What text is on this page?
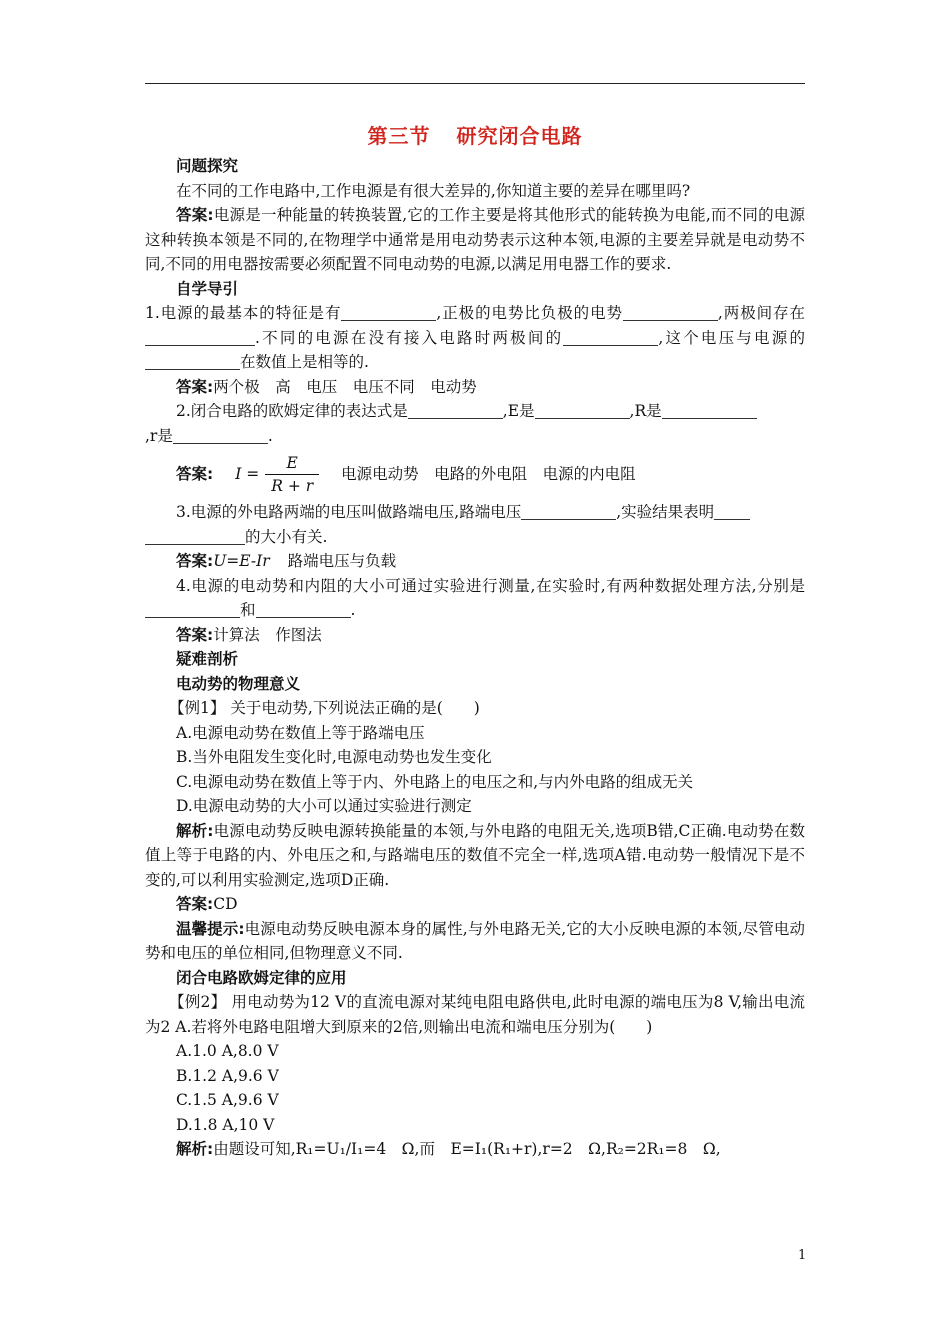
第三节 研究闭合电路
问题探究
在不同的工作电路中,工作电源是有很大差异的,你知道主要的差异在哪里吗?
答案:电源是一种能量的转换装置,它的工作主要是将其他形式的能转换为电能,而不同的电源这种转换本领是不同的,在物理学中通常是用电动势表示这种本领,电源的主要差异就是电动势不同,不同的用电器按需要必须配置不同电动势的电源,以满足用电器工作的要求.
自学导引
1.电源的最基本的特征是有	,正极的电势比负极的电势	,两极间存在.不同的电源在没有接入电路时两极间的	,这个电压与电源的在数值上是相等的.
答案:两个极　高　电压　电压不同　电动势
2.闭合电路的欧姆定律的表达式是	,E是	,R是
,r是	.
答案: $I = \frac{E}{R + r}$ 电源电动势　电路的外电阻　电源的内电阻
3.电源的外电路两端的电压叫做路端电压,路端电压	,实验结果表明
的大小有关.
答案:U=E-Ir 路端电压与负载
4.电源的电动势和内阻的大小可通过实验进行测量,在实验时,有两种数据处理方法,分别是和	.
答案:计算法　作图法
疑难剖析
电动势的物理意义
【例1】 关于电动势,下列说法正确的是(　　)
A.电源电动势在数值上等于路端电压
B.当外电阻发生变化时,电源电动势也发生变化
C.电源电动势在数值上等于内、外电路上的电压之和,与内外电路的组成无关
D.电源电动势的大小可以通过实验进行测定
解析:电源电动势反映电源转换能量的本领,与外电路的电阻无关,选项B错,C正确.电动势在数值上等于电路的内、外电压之和,与路端电压的数值不完全一样,选项A错.电动势一般情况下是不变的,可以利用实验测定,选项D正确.
答案:CD
温馨提示:电源电动势反映电源本身的属性,与外电路无关,它的大小反映电源的本领,尽管电动势和电压的单位相同,但物理意义不同.
闭合电路欧姆定律的应用
【例2】 用电动势为12 V的直流电源对某纯电阻电路供电,此时电源的端电压为8 V,输出电流为2 A.若将外电路电阻增大到原来的2倍,则输出电流和端电压分别为(　　)
A.1.0 A,8.0 V
B.1.2 A,9.6 V
C.1.5 A,9.6 V
D.1.8 A,10 V
解析:由题设可知,R₁=U₁/I₁=4　Ω,而　E=I₁(R₁+r),r=2　Ω,R₂=2R₁=8　Ω,
1
